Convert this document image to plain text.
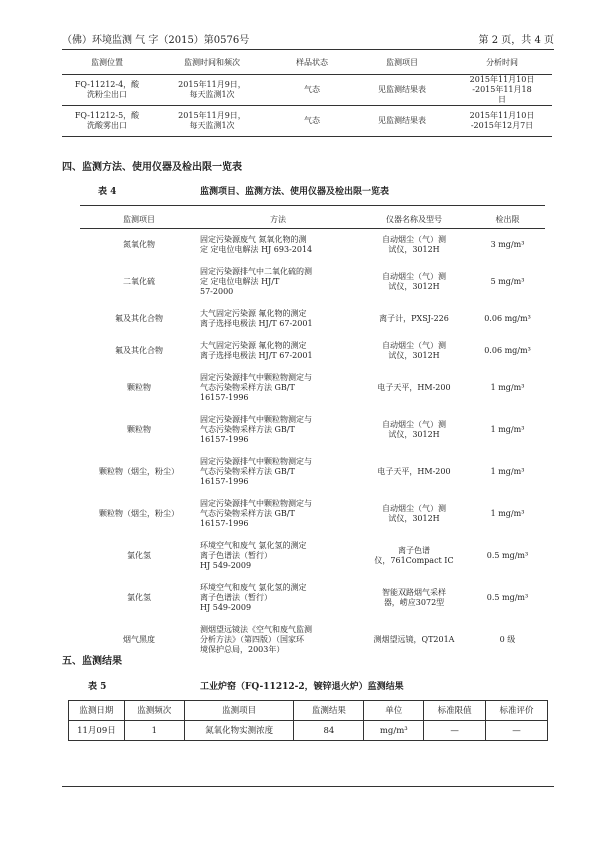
（佛）环境监测 气 字（2015）第0576号	第 2 页，共 4 页
监测位置	监测时间和频次	样品状态	监测项目	分析时间
FQ-11212-4，酸
洗粉尘出口	2015年11月9日，
每天监测1次	气态	见监测结果表	2015年11月10日
-2015年11月18
日
FQ-11212-5，酸
洗酸雾出口	2015年11月9日，
每天监测1次	气态	见监测结果表	2015年11月10日
-2015年12月7日
四、监测方法、使用仪器及检出限一览表
表 4	监测项目、监测方法、使用仪器及检出限一览表
监测项目	方法	仪器名称及型号	检出限
氮氧化物	固定污染源废气 氮氧化物的测
定 定电位电解法 HJ 693-2014	自动烟尘（气）测
试仪，3012H	3 mg/m³
二氧化硫	固定污染源排气中二氧化硫的测
定 定电位电解法 HJ/T
57-2000	自动烟尘（气）测
试仪，3012H	5 mg/m³
氟及其化合物	大气固定污染源 氟化物的测定
离子选择电极法 HJ/T 67-2001	离子计，PXSJ-226	0.06 mg/m³
氟及其化合物	大气固定污染源 氟化物的测定
离子选择电极法 HJ/T 67-2001	自动烟尘（气）测
试仪，3012H	0.06 mg/m³
颗粒物	固定污染源排气中颗粒物测定与
气态污染物采样方法 GB/T
16157-1996	电子天平，HM-200	1 mg/m³
颗粒物	固定污染源排气中颗粒物测定与
气态污染物采样方法 GB/T
16157-1996	自动烟尘（气）测
试仪，3012H	1 mg/m³
颗粒物（烟尘，粉尘）	固定污染源排气中颗粒物测定与
气态污染物采样方法 GB/T
16157-1996	电子天平，HM-200	1 mg/m³
颗粒物（烟尘，粉尘）	固定污染源排气中颗粒物测定与
气态污染物采样方法 GB/T
16157-1996	自动烟尘（气）测
试仪，3012H	1 mg/m³
氯化氢	环境空气和废气 氯化氢的测定
离子色谱法（暂行）
HJ 549-2009	离子色谱
仪，761Compact IC	0.5 mg/m³
氯化氢	环境空气和废气 氯化氢的测定
离子色谱法（暂行）
HJ 549-2009	智能双路烟气采样
器，崂应3072型	0.5 mg/m³
烟气黑度	测烟望远镜法《空气和废气监测
分析方法》（第四版）（国家环
境保护总局，2003年）	测烟望远镜，QT201A	0 级
五、监测结果
表 5	工业炉窑（FQ-11212-2，镀锌退火炉）监测结果
监测日期	监测频次	监测项目	监测结果	单位	标准限值	标准评价
11月09日	1	氮氧化物实测浓度	84	mg/m³	—	—
